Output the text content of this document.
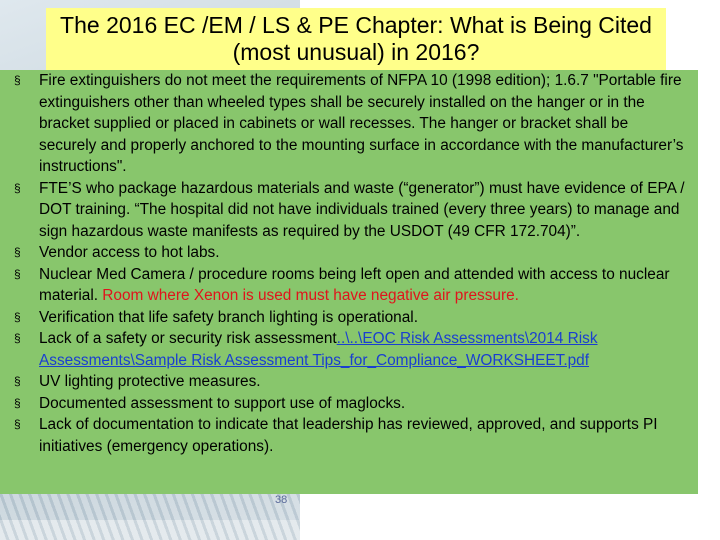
The 2016 EC /EM / LS & PE Chapter: What is Being Cited (most unusual) in 2016?
§ Fire extinguishers do not meet the requirements of NFPA 10 (1998 edition); 1.6.7 "Portable fire extinguishers other than wheeled types shall be securely installed on the hanger or in the bracket supplied or placed in cabinets or wall recesses. The hanger or bracket shall be securely and properly anchored to the mounting surface in accordance with the manufacturer’s instructions".
§ FTE’S who package hazardous materials and waste (“generator”) must have evidence of EPA / DOT training. “The hospital did not have individuals trained (every three years) to manage and sign hazardous waste manifests as required by the USDOT (49 CFR 172.704)”.
§ Vendor access to hot labs.
§ Nuclear Med Camera / procedure rooms being left open and attended with access to nuclear material. Room where Xenon is used must have negative air pressure.
§ Verification that life safety branch lighting is operational.
§ Lack of a safety or security risk assessment..\..\EOC Risk Assessments\2014 Risk Assessments\Sample Risk Assessment Tips_for_Compliance_WORKSHEET.pdf
§ UV lighting protective measures.
§ Documented assessment to support use of maglocks.
§ Lack of documentation to indicate that leadership has reviewed, approved, and supports PI initiatives (emergency operations).
38
